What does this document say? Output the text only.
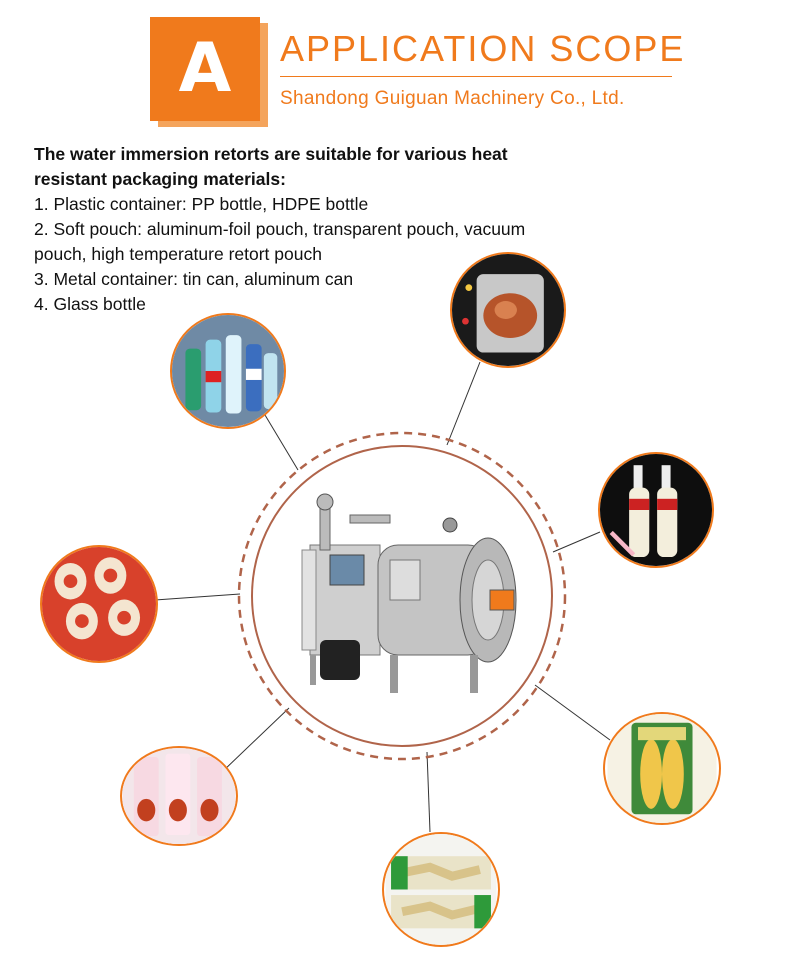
A	APPLICATION SCOPE
Shandong Guiguan Machinery Co., Ltd.

The water immersion retorts are suitable for various heat resistant packaging materials:

1. Plastic container: PP bottle, HDPE bottle

2. Soft pouch: aluminum-foil pouch, transparent pouch, vacuum pouch, high temperature retort pouch

3. Metal container: tin can, aluminum can

4. Glass bottle
